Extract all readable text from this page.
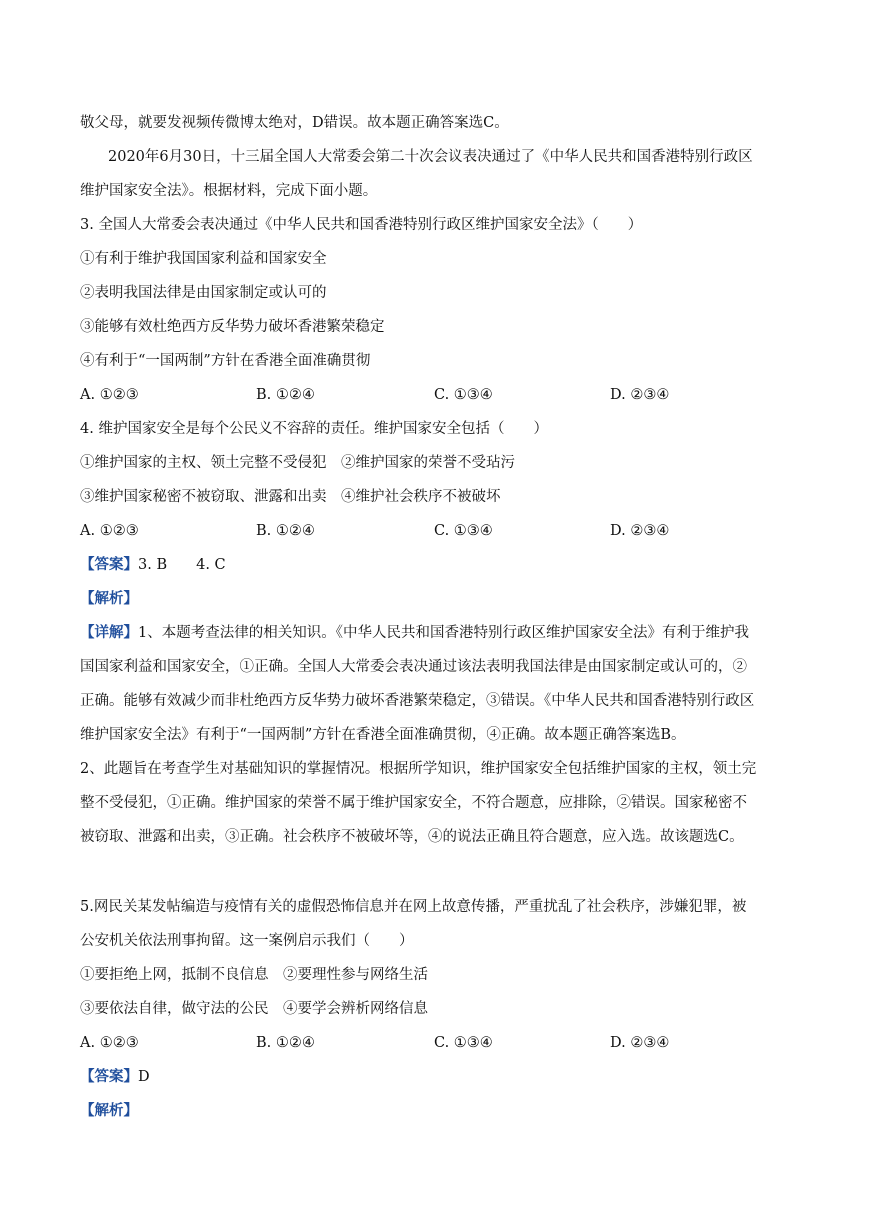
敬父母，就要发视频传微博太绝对，D错误。故本题正确答案选C。
2020年6月30日，十三届全国人大常委会第二十次会议表决通过了《中华人民共和国香港特别行政区
维护国家安全法》。根据材料，完成下面小题。
3. 全国人大常委会表决通过《中华人民共和国香港特别行政区维护国家安全法》（　　）
①有利于维护我国国家利益和国家安全
②表明我国法律是由国家制定或认可的
③能够有效杜绝西方反华势力破坏香港繁荣稳定
④有利于“一国两制”方针在香港全面准确贯彻
A. ①②③	B. ①②④	C. ①③④	D. ②③④
4. 维护国家安全是每个公民义不容辞的责任。维护国家安全包括（　　）
①维护国家的主权、领土完整不受侵犯　②维护国家的荣誉不受玷污
③维护国家秘密不被窃取、泄露和出卖　④维护社会秩序不被破坏
A. ①②③	B. ①②④	C. ①③④	D. ②③④
【答案】3. B　　4. C
【解析】
【详解】1、本题考查法律的相关知识。《中华人民共和国香港特别行政区维护国家安全法》有利于维护我
国国家利益和国家安全，①正确。全国人大常委会表决通过该法表明我国法律是由国家制定或认可的，②
正确。能够有效减少而非杜绝西方反华势力破坏香港繁荣稳定，③错误。《中华人民共和国香港特别行政区
维护国家安全法》有利于“一国两制”方针在香港全面准确贯彻，④正确。故本题正确答案选B。
2、此题旨在考查学生对基础知识的掌握情况。根据所学知识，维护国家安全包括维护国家的主权，领土完
整不受侵犯，①正确。维护国家的荣誉不属于维护国家安全，不符合题意，应排除，②错误。国家秘密不
被窃取、泄露和出卖，③正确。社会秩序不被破坏等，④的说法正确且符合题意，应入选。故该题选C。
5.网民关某发帖编造与疫情有关的虚假恐怖信息并在网上故意传播，严重扰乱了社会秩序，涉嫌犯罪，被
公安机关依法刑事拘留。这一案例启示我们（　　）
①要拒绝上网，抵制不良信息　②要理性参与网络生活
③要依法自律，做守法的公民　④要学会辨析网络信息
A. ①②③	B. ①②④	C. ①③④	D. ②③④
【答案】D
【解析】
